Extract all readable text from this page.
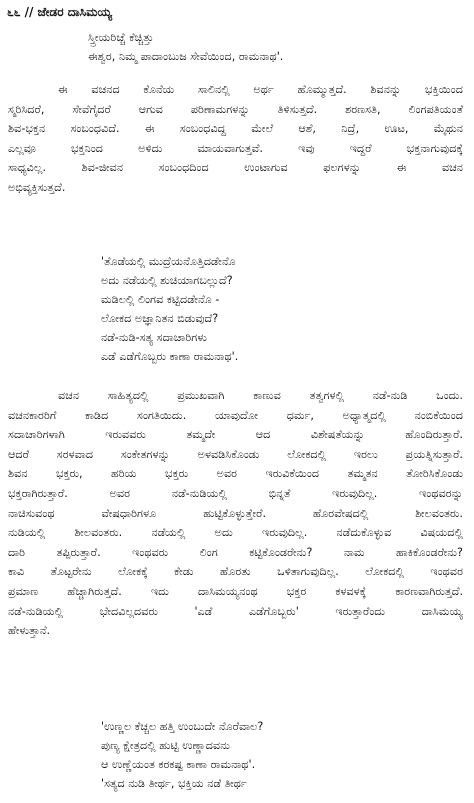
೬೬ // ಜೇಡರ ದಾಸಿಮಯ್ಯ
ಸ್ತ್ರೀಯರಿಚ್ಚೆ ಕೆಚ್ಚಿತ್ತು
ಈಶ್ವರ, ನಿಮ್ಮ ಪಾದಾಂಬುಜ ಸೇವೆಯಿಂದ, ರಾಮನಾಥ'.
ಈ ವಚನದ ಕೊನೆಯ ಸಾಲಿನಲ್ಲಿ ಅರ್ಥ ಹೊಮ್ಮುತ್ತದೆ. ಶಿವನನ್ನು ಭಕ್ತಿಯಿಂದ
ಸ್ಮರಿಸಿದರೆ, ಸೇವೆಗೈದರೆ ಆಗುವ ಪರಿಣಾಮಗಳನ್ನು ತಿಳಿಸುತ್ತದೆ. ಶರಣಸತಿ, ಲಿಂಗಪತಿಯಂತೆ
ಶಿವ-ಭಕ್ತನ ಸಂಬಂಧವಿದೆ. ಈ ಸಂಬಂಧವಿದ್ದ ಮೇಲೆ ಆಶೆ, ನಿದ್ರೆ, ಊಟ, ಮೈಥುನ
ಎಲ್ಲವೂ ಭಕ್ತನಿಂದ ಅಳಿದು ಮಾಯವಾಗುತ್ತವೆ. ಇವು ಇದ್ದರೆ ಭಕ್ತನಾಗುವುದಕ್ಕೆ
ಸಾಧ್ಯವಿಲ್ಲ. ಶಿವ-ಜೀವನ ಸಂಬಂಧದಿಂದ ಉಂಟಾಗುವ ಫಲಗಳನ್ನು ಈ ವಚನ
ಅಭಿವ್ಯಕ್ತಿಸುತ್ತದೆ.
'ತೊಡೆಯಲ್ಲಿ ಮುದ್ರೆಯನೊತ್ತಿದಡೇನೊ
ಅದು ನಡೆಯಲ್ಲಿ ಶುಚಿಯಾಗಬಲ್ಲುದೆ?
ಮಡಿಲಲ್ಲಿ ಲಿಂಗವ ಕಟ್ಟಿದಡೇನೊ -
ಲೋಕದ ಅಜ್ಞಾನಿತನ ಬಿಡುವುದೆ?
ನಡೆ-ನುಡಿ-ಸತ್ಯ ಸದಾಚಾರಿಗಳು
ಎಡೆ ಎಡೆಗೊಬ್ಬರು ಕಾಣಾ ರಾಮನಾಥ'.
ವಚನ ಸಾಹಿತ್ಯದಲ್ಲಿ ಪ್ರಮುಖವಾಗಿ ಕಾಣುವ ತತ್ವಗಳಲ್ಲಿ ನಡೆ-ನುಡಿ ಒಂದು.
ವಚನಕಾರರಿಗೆ ಕಾಡಿದ ಸಂಗತಿಯಿದು. ಯಾವುದೋ ಧರ್ಮ, ಅಧ್ಯಾತ್ಮದಲ್ಲಿ ನಂಬಿಕೆಯಿಂದ
ಸದಾಚಾರಿಗಳಾಗಿ ಇರುವವರು ತಮ್ಮದೇ ಆದ ವಿಶೇಷತೆಯನ್ನು ಹೊಂದಿರುತ್ತಾರೆ.
ಆದರೆ ಸರಳವಾದ ಸಂಕೇತಗಳನ್ನು ಅಳವಡಿಸಿಕೊಂಡು ಲೋಕದಲ್ಲಿ ಇರಲು ಪ್ರಯತ್ನಿಸುತ್ತಾರೆ.
ಶಿವನ ಭಕ್ತರು, ಹರಿಯ ಭಕ್ತರು ಅವರ ಇರುವಿಕೆಯಿಂದ ತಮ್ಮತನ ತೋರಿಸಿಕೊಂಡು
ಭಕ್ತರಾಗಿರುತ್ತಾರೆ. ಅವರ ನಡೆ-ನುಡಿಯಲ್ಲಿ ಭಿನ್ನತೆ ಇರುವುದಿಲ್ಲ. ಇಂಥವರನ್ನು
ನಾಚಿಸುವಂಥ ವೇಷಧಾರಿಗಳೂ ಹುಟ್ಟಿಕೊಳ್ಳುತ್ತೇರೆ. ಹೊರವೇಷದಲ್ಲಿ ಶೀಲವಂತರು.
ನುಡಿಯಲ್ಲಿ ಶೀಲವಂತರು. ನಡೆಯಲ್ಲಿ ಅದು ಇರುವುದಿಲ್ಲ. ನಡೆದುಕೊಳ್ಳುವ ವಿಷಯದಲ್ಲಿ
ದಾರಿ ತಪ್ಪಿರುತ್ತಾರೆ. ಇಂಥವರು ಲಿಂಗ ಕಟ್ಟಿಕೊಂಡರೇನು? ನಾಮ ಹಾಕಿಕೊಂಡರೇನು?
ಕಾವಿ ತೊಟ್ಟರೇನು ಲೋಕಕ್ಕೆ ಕೇಡು ಹೊರತು ಒಳಿತಾಗುವುದಿಲ್ಲ. ಲೋಕದಲ್ಲಿ ಇಂಥವರ
ಪ್ರಮಾಣ ಹೆಚ್ಚಾಗಿರುತ್ತದೆ. ಇದು ದಾಸಿಮಯ್ಯನಂಥ ಭಕ್ತರ ಕಳವಳಕ್ಕೆ ಕಾರಣವಾಗಿರುತ್ತದೆ.
ನಡೆ-ನುಡಿಯಲ್ಲಿ ಭೇದವಿಲ್ಲದವರು 'ಎಡೆ ಎಡೆಗೊಬ್ಬರು' ಇರುತ್ತಾರೆಂದು ದಾಸಿಮಯ್ಯ
ಹೇಳುತ್ತಾನೆ.
'ಉಣ್ಣಲ ಕೆಚ್ಚಲ ಹತ್ತಿ ಉಂಬುದೇ ನೊರೆವಾಲ?
ಪುಣ್ಯ ಕ್ಷೇತ್ರದಲ್ಲಿ ಹುಟ್ಟಿ ಉಣ್ಣಾದವನು
ಆ ಉಣ್ಣೆಯಂತ ಕರಕಷ್ಟ ಕಾಣಾ ರಾಮನಾಥ'.
'ಸತ್ಯದ ನುಡಿ ತೀರ್ಥ, ಭಕ್ತಿಯ ನಡೆ ತೀರ್ಥ
